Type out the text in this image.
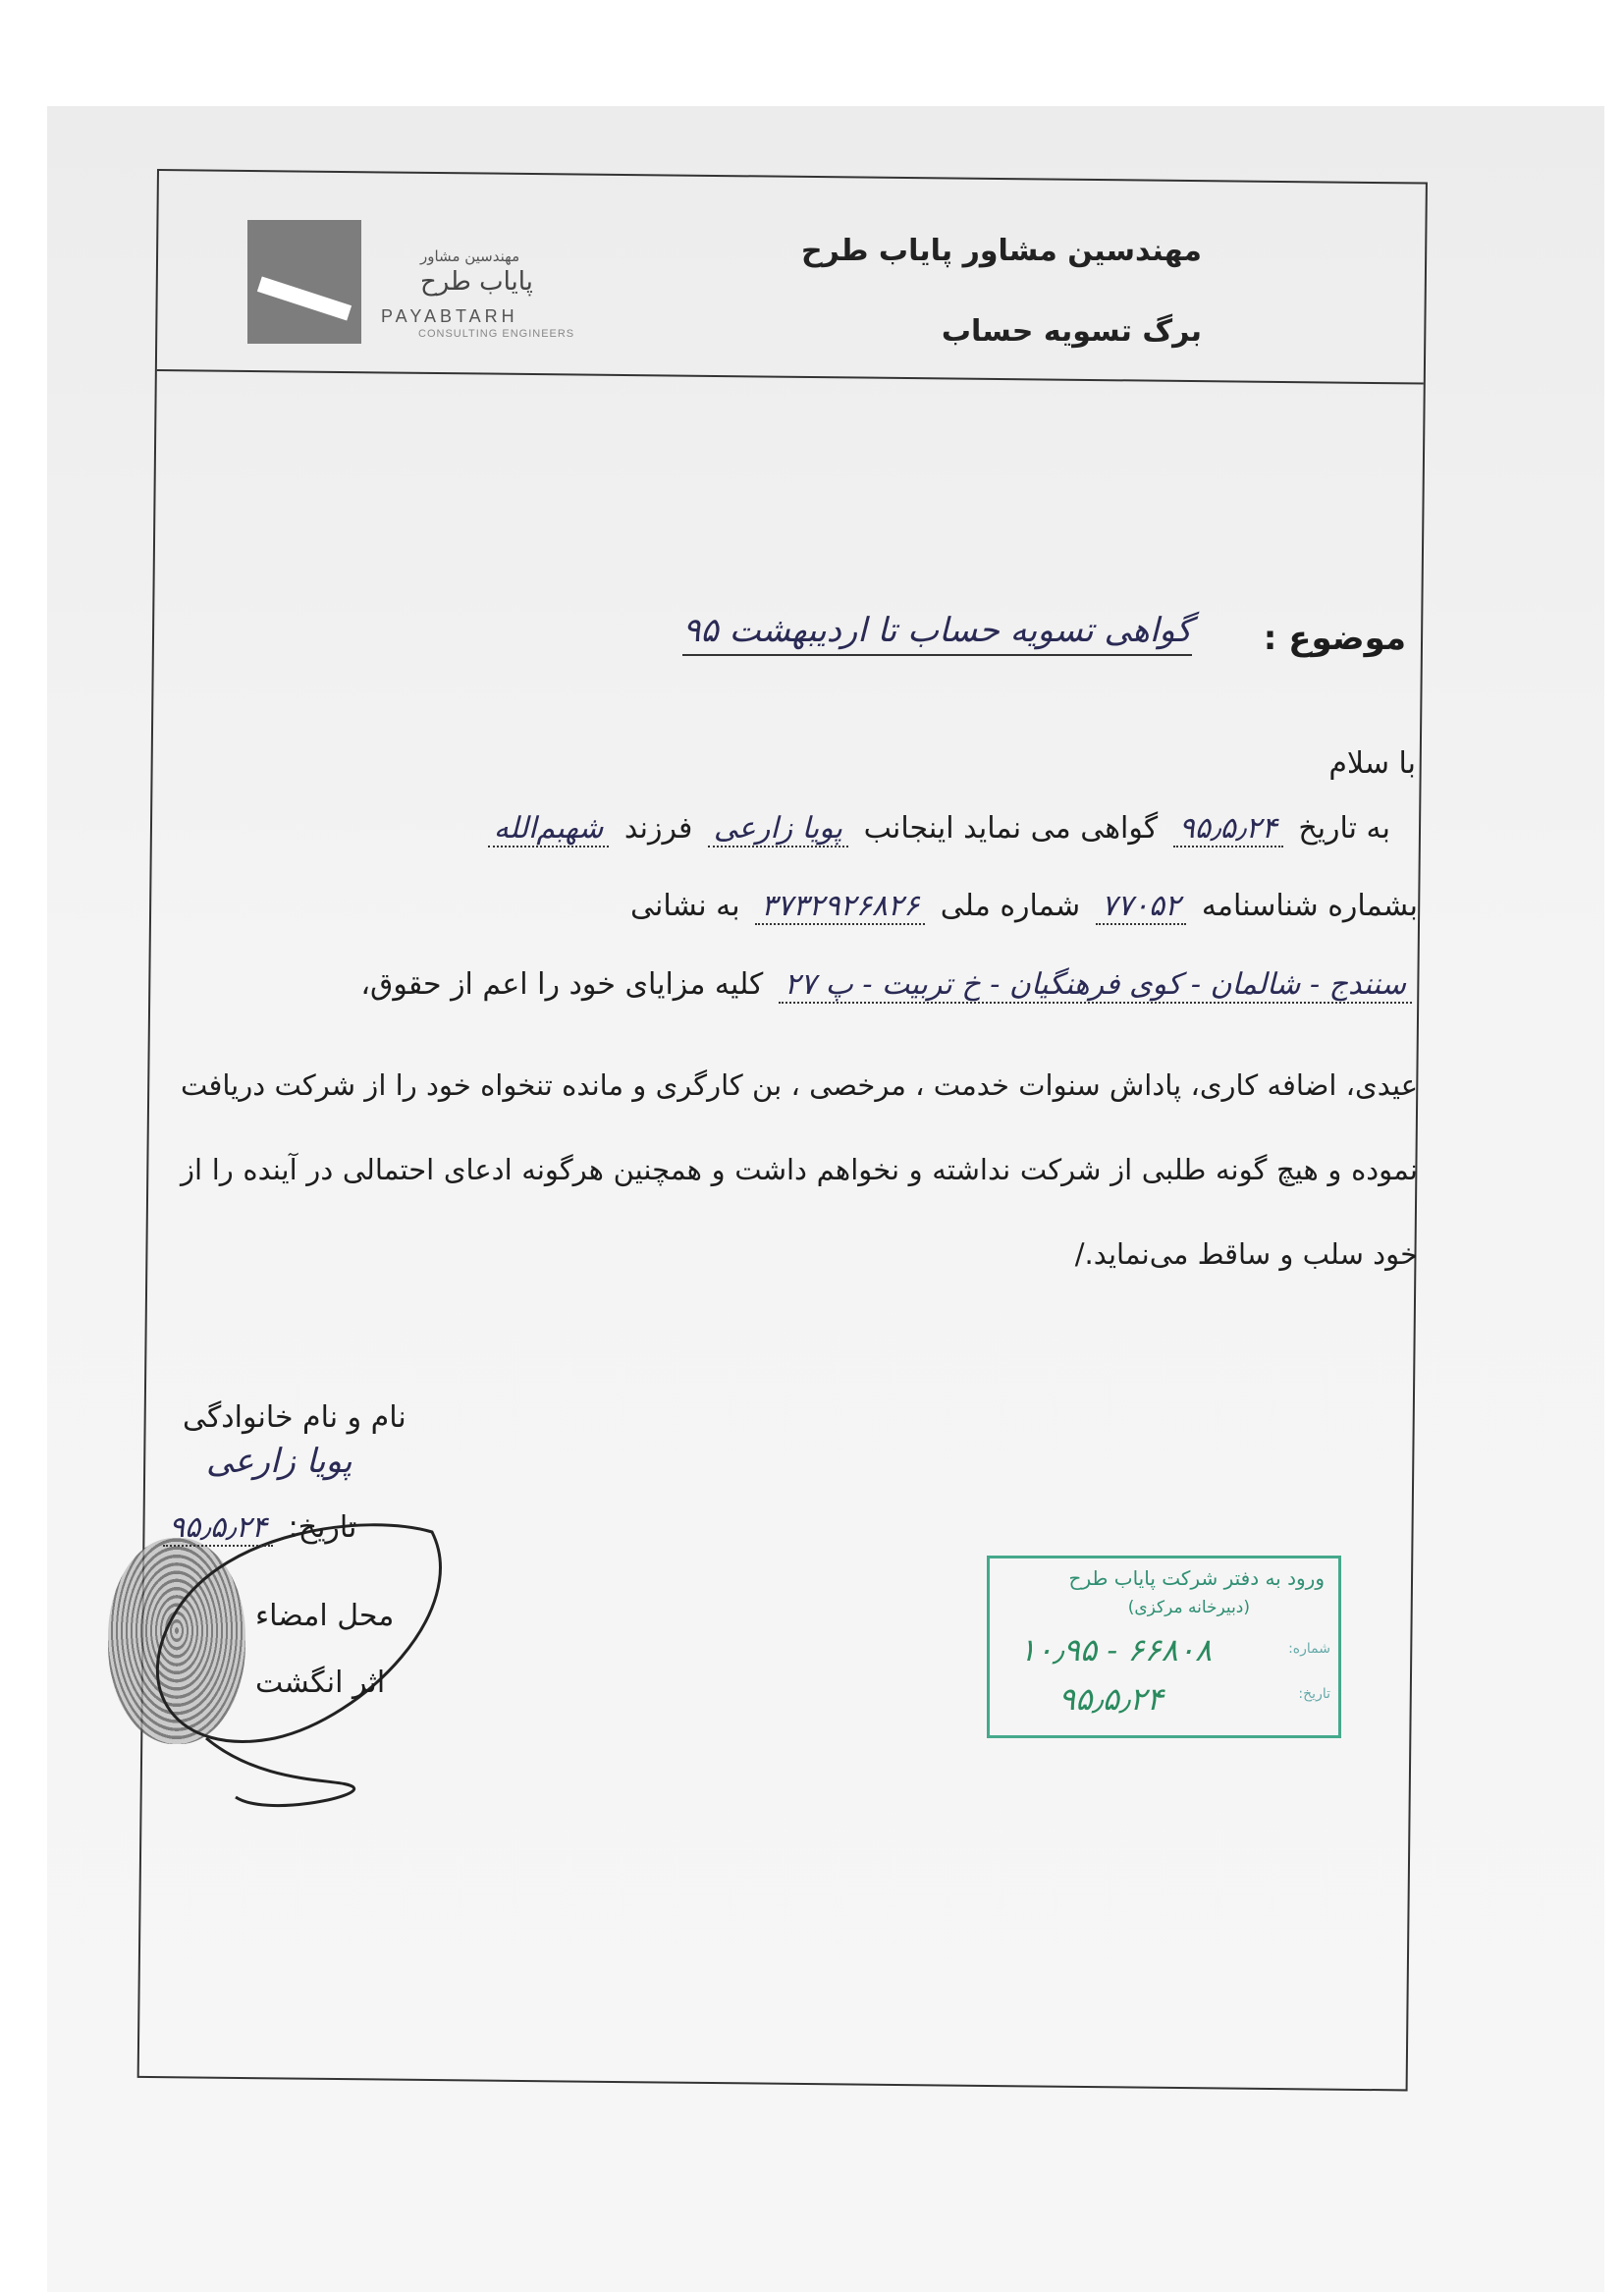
مهندسین مشاور
پایاب طرح
PAYABTARH
CONSULTING ENGINEERS
مهندسین مشاور پایاب طرح
برگ تسویه حساب
موضوع :
گواهی تسویه حساب تا اردیبهشت ۹۵
با سلام
به تاریخ ۹۵٫۵٫۲۴ گواهی می نماید اینجانب پویا زارعی فرزند شهبم‌الله
بشماره شناسنامه ۷۷۰۵۲ شماره ملی ۳۷۳۲۹۲۶۸۲۶ به نشانی
سنندج - شالمان - کوی فرهنگیان - خ تربیت - پ ۲۷ کلیه مزایای خود را اعم از حقوق،
عیدی، اضافه کاری، پاداش سنوات خدمت ، مرخصی ، بن کارگری و مانده تنخواه خود را از شرکت دریافت نموده و هیچ گونه طلبی از شرکت نداشته و نخواهم داشت و همچنین هرگونه ادعای احتمالی در آینده را از خود سلب و ساقط می‌نماید./
نام و نام خانوادگی
پویا زارعی
تاریخ: ۹۵٫۵٫۲۴
محل امضاء
اثر انگشت
ورود به دفتر شرکت پایاب طرح
(دبیرخانه مرکزی)
شماره:
۱۰٫۹۵ - ۶۶۸۰۸
تاریخ:
۹۵٫۵٫۲۴
